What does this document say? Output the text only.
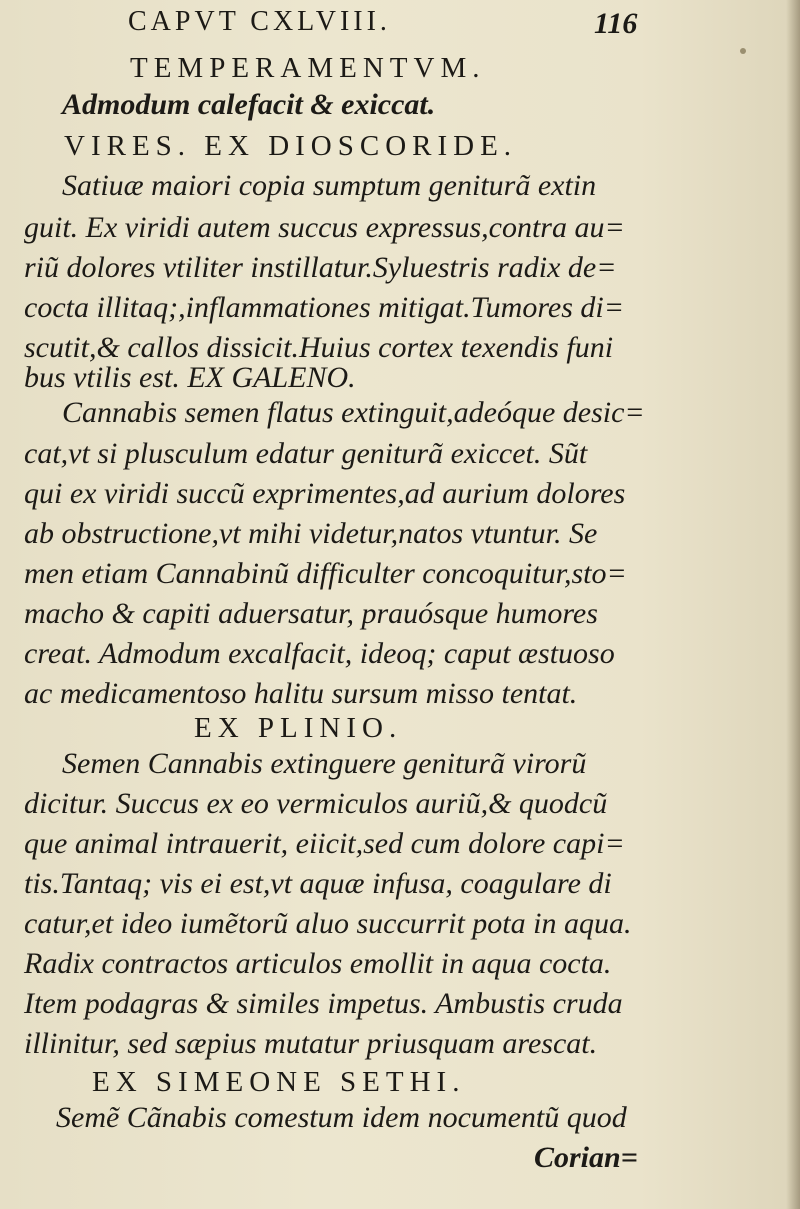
CAPVT CXLVIII.	116
TEMPERAMENTVM.
Admodum calefacit & exiccat.
VIRES. EX DIOSCORIDE.
Satiuæ maiori copia sumptum geniturã extin
guit. Ex viridi autem succus expressus,contra au=
riũ dolores vtiliter instillatur.Syluestris radix de=
cocta illitaq;,inflammationes mitigat.Tumores di=
scutit,& callos dissicit.Huius cortex texendis funi
bus vtilis est. EX GALENO.
Cannabis semen flatus extinguit,adeóque desic=
cat,vt si plusculum edatur geniturã exiccet. Sũt
qui ex viridi succũ exprimentes,ad aurium dolores
ab obstructione,vt mihi videtur,natos vtuntur. Se
men etiam Cannabinũ difficulter concoquitur,sto=
macho & capiti aduersatur, prauósque humores
creat. Admodum excalfacit, ideoq; caput æstuoso
ac medicamentoso halitu sursum misso tentat.
EX PLINIO.
Semen Cannabis extinguere geniturã virorũ
dicitur. Succus ex eo vermiculos auriũ,& quodcũ
que animal intrauerit, eiicit,sed cum dolore capi=
tis.Tantaq; vis ei est,vt aquæ infusa, coagulare di
catur,et ideo iumẽtorũ aluo succurrit pota in aqua.
Radix contractos articulos emollit in aqua cocta.
Item podagras & similes impetus. Ambustis cruda
illinitur, sed sæpius mutatur priusquam arescat.
EX SIMEONE SETHI.
Semẽ Cãnabis comestum idem nocumentũ quod
Corian=
